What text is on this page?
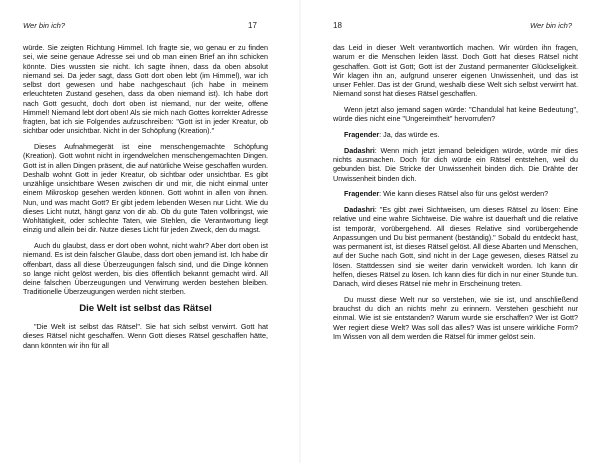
Wer bin ich?	17

würde. Sie zeigten Richtung Himmel. Ich fragte sie, wo genau er zu finden sei, wie seine genaue Adresse sei und ob man einen Brief an ihn schicken könnte. Dies wussten sie nicht. Ich sagte ihnen, dass da oben absolut niemand sei. Da jeder sagt, dass Gott dort oben lebt (im Himmel), war ich selbst dort gewesen und habe nachgeschaut (ich habe in meinem erleuchteten Zustand gesehen, dass da oben niemand ist). Ich habe dort nach Gott gesucht, doch dort oben ist niemand, nur der weite, offene Himmel! Niemand lebt dort oben! Als sie mich nach Gottes korrekter Adresse fragten, bat ich sie Folgendes aufzuschreiben: "Gott ist in jeder Kreatur, ob sichtbar oder unsichtbar. Nicht in der Schöpfung (Kreation)."

Dieses Aufnahmegerät ist eine menschengemachte Schöpfung (Kreation). Gott wohnt nicht in irgendwelchen menschengemachten Dingen. Gott ist in allen Dingen präsent, die auf natürliche Weise geschaffen wurden. Deshalb wohnt Gott in jeder Kreatur, ob sichtbar oder unsichtbar. Es gibt unzählige unsichtbare Wesen zwischen dir und mir, die nicht einmal unter einem Mikroskop gesehen werden können. Gott wohnt in allen von ihnen. Nun, und was macht Gott? Er gibt jedem lebenden Wesen nur Licht. Wie du dieses Licht nutzt, hängt ganz von dir ab. Ob du gute Taten vollbringst, wie Wohltätigkeit, oder schlechte Taten, wie Stehlen, die Verantwortung liegt einzig und allein bei dir. Nutze dieses Licht für jeden Zweck, den du magst.

Auch du glaubst, dass er dort oben wohnt, nicht wahr? Aber dort oben ist niemand. Es ist dein falscher Glaube, dass dort oben jemand ist. Ich habe dir offenbart, dass all diese Überzeugungen falsch sind, und die Dinge können so lange nicht gelöst werden, bis dies öffentlich bekannt gemacht wird. All deine falschen Überzeugungen und Verwirrung werden bestehen bleiben. Traditionelle Überzeugungen werden nicht sterben.

Die Welt ist selbst das Rätsel

"Die Welt ist selbst das Rätsel". Sie hat sich selbst verwirrt. Gott hat dieses Rätsel nicht geschaffen. Wenn Gott dieses Rätsel geschaffen hätte, dann könnten wir ihn für all

18	Wer bin ich?

das Leid in dieser Welt verantwortlich machen. Wir würden ihn fragen, warum er die Menschen leiden lässt. Doch Gott hat dieses Rätsel nicht geschaffen. Gott ist Gott; Gott ist der Zustand permanenter Glückseligkeit. Wir klagen ihn an, aufgrund unserer eigenen Unwissenheit, und das ist unser Fehler. Das ist der Grund, weshalb diese Welt sich selbst verwirrt hat. Niemand sonst hat dieses Rätsel geschaffen.

Wenn jetzt also jemand sagen würde: "Chandulal hat keine Bedeutung", würde dies nicht eine "Ungereimtheit" hervorrufen?

Fragender: Ja, das würde es.

Dadashri: Wenn mich jetzt jemand beleidigen würde, würde mir dies nichts ausmachen. Doch für dich würde ein Rätsel entstehen, weil du gebunden bist. Die Stricke der Unwissenheit binden dich. Die Drähte der Unwissenheit binden dich.

Fragender: Wie kann dieses Rätsel also für uns gelöst werden?

Dadashri: "Es gibt zwei Sichtweisen, um dieses Rätsel zu lösen: Eine relative und eine wahre Sichtweise. Die wahre ist dauerhaft und die relative ist temporär, vorübergehend. All dieses Relative sind vorübergehende Anpassungen und Du bist permanent (beständig)." Sobald du entdeckt hast, was permanent ist, ist dieses Rätsel gelöst. All diese Abarten und Menschen, auf der Suche nach Gott, sind nicht in der Lage gewesen, dieses Rätsel zu lösen. Stattdessen sind sie weiter darin verwickelt worden. Ich kann dir helfen, dieses Rätsel zu lösen. Ich kann dies für dich in nur einer Stunde tun. Danach, wird dieses Rätsel nie mehr in Erscheinung treten.

Du musst diese Welt nur so verstehen, wie sie ist, und anschließend brauchst du dich an nichts mehr zu erinnern. Verstehen geschieht nur einmal. Wie ist sie entstanden? Warum wurde sie erschaffen? Wer ist Gott? Wer regiert diese Welt? Was soll das alles? Was ist unsere wirkliche Form? Im Wissen von all dem werden die Rätsel für immer gelöst sein.
